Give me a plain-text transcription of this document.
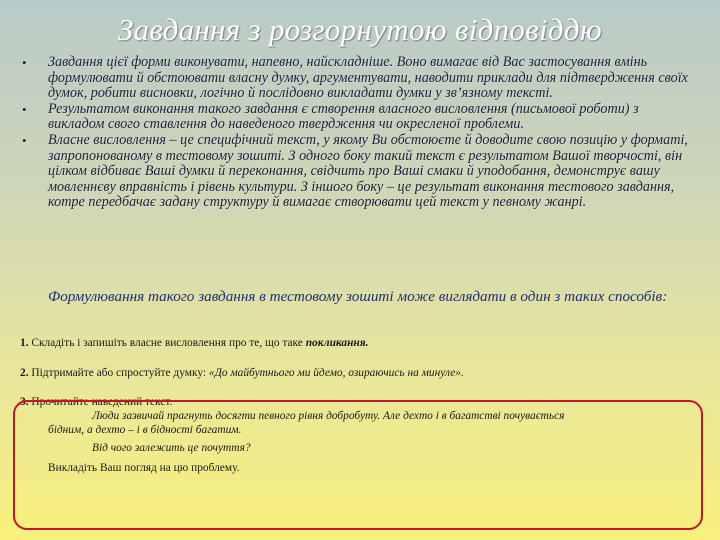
Завдання з розгорнутою відповіддю
• Завдання цієї форми виконувати, напевно, найскладніше. Воно вимагає від Вас застосування вмінь формулювати й обстоювати власну думку, аргументувати, наводити приклади для підтвердження своїх думок, робити висновки, логічно й послідовно викладати думки у зв’язному тексті.
• Результатом виконання такого завдання є створення власного висловлення (письмової роботи) з викладом свого ставлення до наведеного твердження чи окресленої проблеми.
• Власне висловлення – це специфічний текст, у якому Ви обстоюєте й доводите свою позицію у форматі, запропонованому в тестовому зошиті. З одного боку такий текст є результатом Вашої творчості, він цілком відбиває Ваші думки й переконання, свідчить про Ваші смаки й уподобання, демонструє вашу мовленнєву вправність і рівень культури. З іншого боку – це результат виконання тестового завдання, котре передбачає задану структуру й вимагає створювати цей текст у певному жанрі.
Формулювання такого завдання в тестовому зошиті може виглядати в один з таких способів:
1. Складіть і запишіть власне висловлення про те, що таке покликання.
2. Підтримайте або спростуйте думку: «До майбутнього ми йдемо, озираючись на минуле».
3. Прочитайте наведений текст.
Люди зазвичай прагнуть досягти певного рівня добробуту. Але дехто і в багатстві почувається
бідним, а дехто – і в бідності багатим.
Від чого залежить це почуття?
Викладіть Ваш погляд на цю проблему.
